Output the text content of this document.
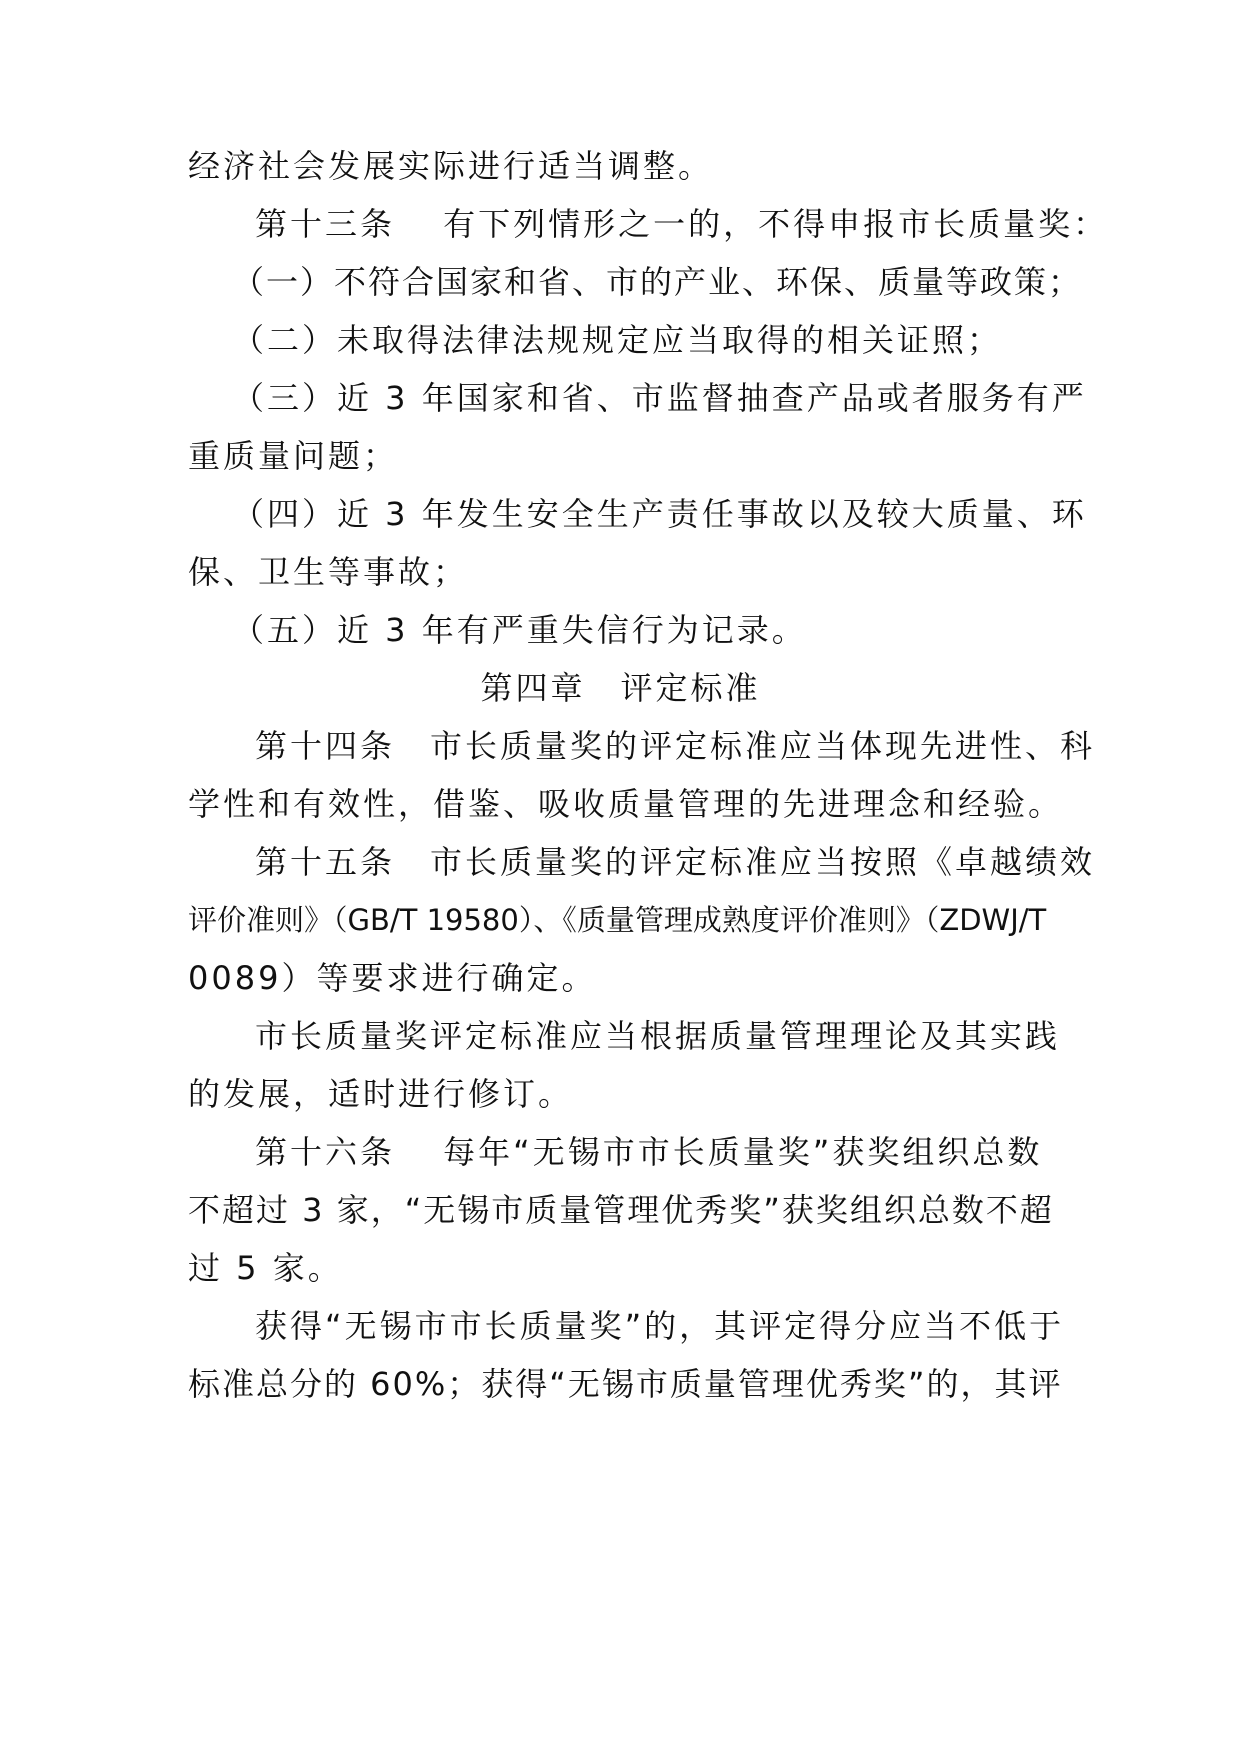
经济社会发展实际进行适当调整。
第十三条　 有下列情形之一的，不得申报市长质量奖：
（一）不符合国家和省、市的产业、环保、质量等政策；
（二）未取得法律法规规定应当取得的相关证照；
（三）近 3 年国家和省、市监督抽查产品或者服务有严
重质量问题；
（四）近 3 年发生安全生产责任事故以及较大质量、环
保、卫生等事故；
（五）近 3 年有严重失信行为记录。
第四章　评定标准
第十四条　市长质量奖的评定标准应当体现先进性、科
学性和有效性，借鉴、吸收质量管理的先进理念和经验。
第十五条　市长质量奖的评定标准应当按照《卓越绩效
评价准则》（GB/T 19580）、《质量管理成熟度评价准则》（ZDWJ/T
0089）等要求进行确定。
市长质量奖评定标准应当根据质量管理理论及其实践
的发展，适时进行修订。
第十六条　 每年“无锡市市长质量奖”获奖组织总数
不超过 3 家，“无锡市质量管理优秀奖”获奖组织总数不超
过 5 家。
获得“无锡市市长质量奖”的，其评定得分应当不低于
标准总分的 60%；获得“无锡市质量管理优秀奖”的，其评
